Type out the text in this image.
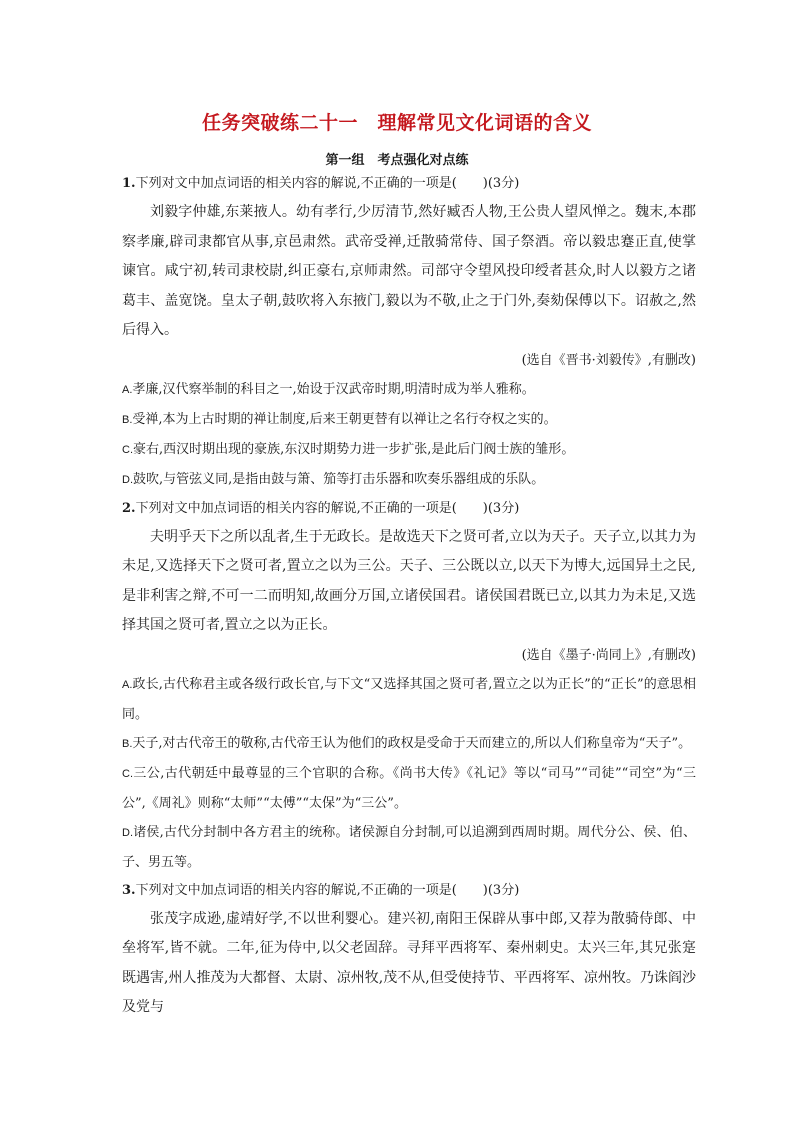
任务突破练二十一　理解常见文化词语的含义
第一组　考点强化对点练

1.下列对文中加点词语的相关内容的解说,不正确的一项是(　　)(3分)

刘毅字仲雄,东莱掖人。幼有孝行,少厉清节,然好臧否人物,王公贵人望风惮之。魏末,本郡察孝廉,辟司隶都官从事,京邑肃然。武帝受禅,迁散骑常侍、国子祭酒。帝以毅忠蹇正直,使掌谏官。咸宁初,转司隶校尉,纠正豪右,京师肃然。司部守令望风投印绶者甚众,时人以毅方之诸葛丰、盖宽饶。皇太子朝,鼓吹将入东掖门,毅以为不敬,止之于门外,奏劾保傅以下。诏赦之,然后得入。

(选自《晋书·刘毅传》,有删改)

A.孝廉,汉代察举制的科目之一,始设于汉武帝时期,明清时成为举人雅称。

B.受禅,本为上古时期的禅让制度,后来王朝更替有以禅让之名行夺权之实的。

C.豪右,西汉时期出现的豪族,东汉时期势力进一步扩张,是此后门阀士族的雏形。

D.鼓吹,与管弦义同,是指由鼓与箫、笳等打击乐器和吹奏乐器组成的乐队。

2.下列对文中加点词语的相关内容的解说,不正确的一项是(　　)(3分)

夫明乎天下之所以乱者,生于无政长。是故选天下之贤可者,立以为天子。天子立,以其力为未足,又选择天下之贤可者,置立之以为三公。天子、三公既以立,以天下为博大,远国异土之民,是非利害之辩,不可一二而明知,故画分万国,立诸侯国君。诸侯国君既已立,以其力为未足,又选择其国之贤可者,置立之以为正长。

(选自《墨子·尚同上》,有删改)

A.政长,古代称君主或各级行政长官,与下文“又选择其国之贤可者,置立之以为正长”的“正长”的意思相同。

B.天子,对古代帝王的敬称,古代帝王认为他们的政权是受命于天而建立的,所以人们称皇帝为“天子”。

C.三公,古代朝廷中最尊显的三个官职的合称。《尚书大传》《礼记》等以“司马”“司徒”“司空”为“三公”,《周礼》则称“太师”“太傅”“太保”为“三公”。

D.诸侯,古代分封制中各方君主的统称。诸侯源自分封制,可以追溯到西周时期。周代分公、侯、伯、子、男五等。

3.下列对文中加点词语的相关内容的解说,不正确的一项是(　　)(3分)

张茂字成逊,虚靖好学,不以世利婴心。建兴初,南阳王保辟从事中郎,又荐为散骑侍郎、中垒将军,皆不就。二年,征为侍中,以父老固辞。寻拜平西将军、秦州刺史。太兴三年,其兄张寔既遇害,州人推茂为大都督、太尉、凉州牧,茂不从,但受使持节、平西将军、凉州牧。乃诛阎沙及党与
